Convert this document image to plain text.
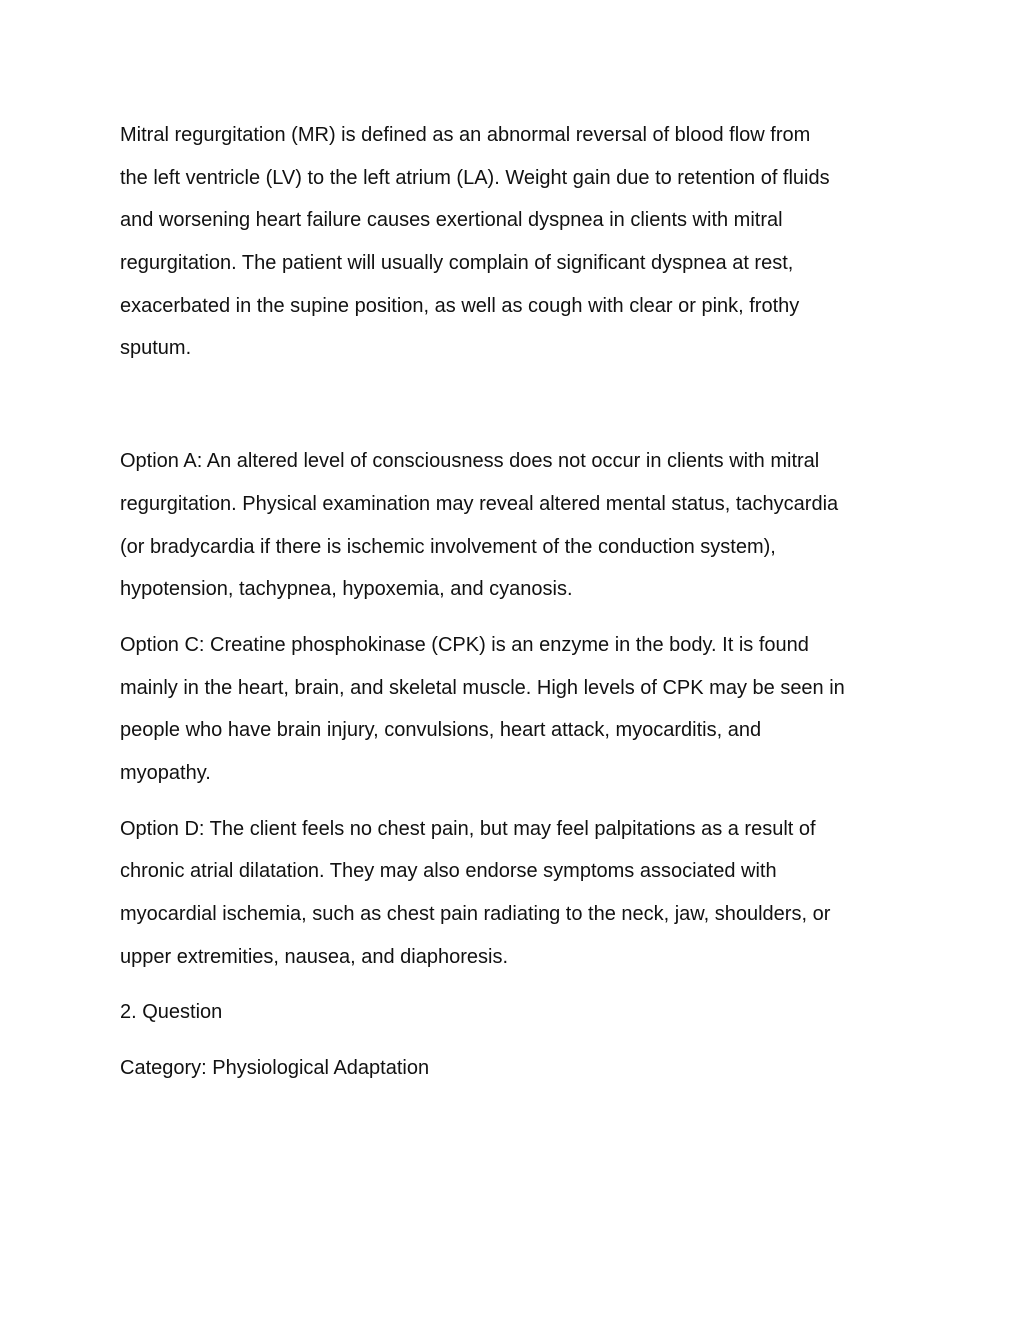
Mitral regurgitation (MR) is defined as an abnormal reversal of blood flow from
the left ventricle (LV) to the left atrium (LA). Weight gain due to retention of fluids
and worsening heart failure causes exertional dyspnea in clients with mitral
regurgitation. The patient will usually complain of significant dyspnea at rest,
exacerbated in the supine position, as well as cough with clear or pink, frothy
sputum.

Option A: An altered level of consciousness does not occur in clients with mitral
regurgitation. Physical examination may reveal altered mental status, tachycardia
(or bradycardia if there is ischemic involvement of the conduction system),
hypotension, tachypnea, hypoxemia, and cyanosis.

Option C: Creatine phosphokinase (CPK) is an enzyme in the body. It is found
mainly in the heart, brain, and skeletal muscle. High levels of CPK may be seen in
people who have brain injury, convulsions, heart attack, myocarditis, and
myopathy.

Option D: The client feels no chest pain, but may feel palpitations as a result of
chronic atrial dilatation. They may also endorse symptoms associated with
myocardial ischemia, such as chest pain radiating to the neck, jaw, shoulders, or
upper extremities, nausea, and diaphoresis.

2. Question

Category: Physiological Adaptation
